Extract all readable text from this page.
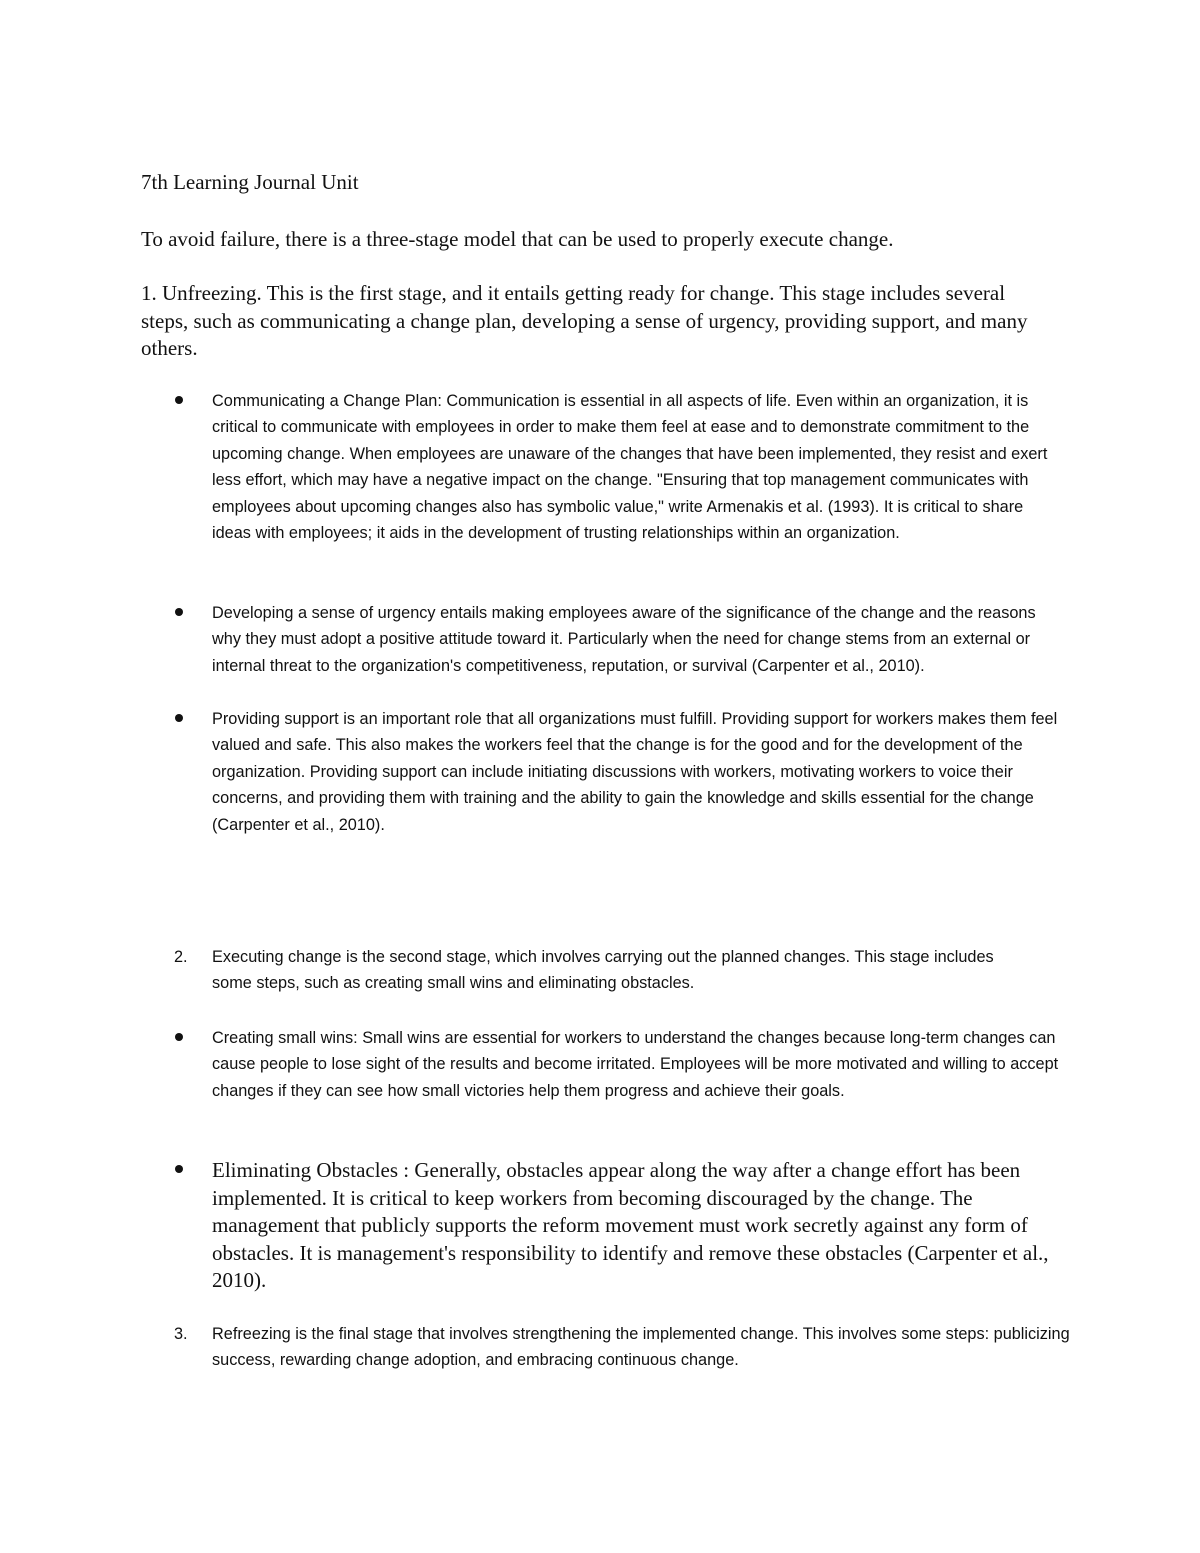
7th Learning Journal Unit

To avoid failure, there is a three-stage model that can be used to properly execute change.

1. Unfreezing. This is the first stage, and it entails getting ready for change. This stage includes several steps, such as communicating a change plan, developing a sense of urgency, providing support, and many others.

Communicating a Change Plan: Communication is essential in all aspects of life. Even within an organization, it is critical to communicate with employees in order to make them feel at ease and to demonstrate commitment to the upcoming change. When employees are unaware of the changes that have been implemented, they resist and exert less effort, which may have a negative impact on the change. "Ensuring that top management communicates with employees about upcoming changes also has symbolic value," write Armenakis et al. (1993). It is critical to share ideas with employees; it aids in the development of trusting relationships within an organization.

Developing a sense of urgency entails making employees aware of the significance of the change and the reasons why they must adopt a positive attitude toward it. Particularly when the need for change stems from an external or internal threat to the organization's competitiveness, reputation, or survival (Carpenter et al., 2010).

Providing support is an important role that all organizations must fulfill. Providing support for workers makes them feel valued and safe. This also makes the workers feel that the change is for the good and for the development of the organization. Providing support can include initiating discussions with workers, motivating workers to voice their concerns, and providing them with training and the ability to gain the knowledge and skills essential for the change (Carpenter et al., 2010).

2. Executing change is the second stage, which involves carrying out the planned changes. This stage includes some steps, such as creating small wins and eliminating obstacles.

Creating small wins: Small wins are essential for workers to understand the changes because long-term changes can cause people to lose sight of the results and become irritated. Employees will be more motivated and willing to accept changes if they can see how small victories help them progress and achieve their goals.

Eliminating Obstacles : Generally, obstacles appear along the way after a change effort has been implemented. It is critical to keep workers from becoming discouraged by the change. The management that publicly supports the reform movement must work secretly against any form of obstacles. It is management's responsibility to identify and remove these obstacles (Carpenter et al., 2010).

3. Refreezing is the final stage that involves strengthening the implemented change. This involves some steps: publicizing success, rewarding change adoption, and embracing continuous change.
